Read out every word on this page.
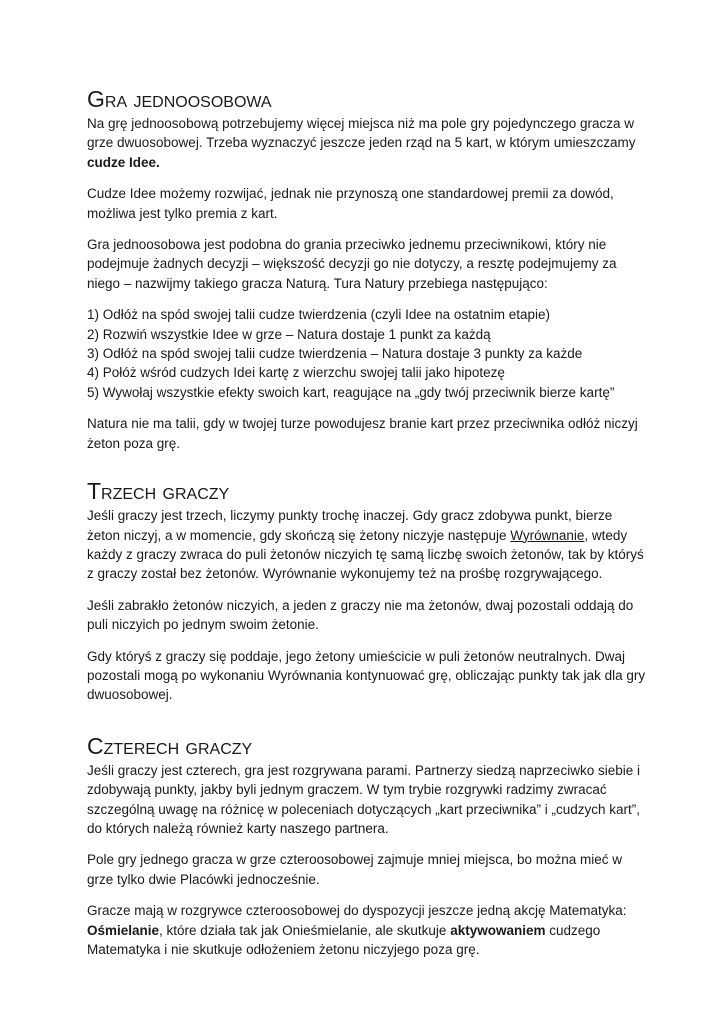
Gra jednoosobowa

Na grę jednoosobową potrzebujemy więcej miejsca niż ma pole gry pojedynczego gracza w grze dwuosobowej. Trzeba wyznaczyć jeszcze jeden rząd na 5 kart, w którym umieszczamy cudze Idee.

Cudze Idee możemy rozwijać, jednak nie przynoszą one standardowej premii za dowód, możliwa jest tylko premia z kart.

Gra jednoosobowa jest podobna do grania przeciwko jednemu przeciwnikowi, który nie podejmuje żadnych decyzji – większość decyzji go nie dotyczy, a resztę podejmujemy za niego – nazwijmy takiego gracza Naturą. Tura Natury przebiega następująco:

1) Odłóż na spód swojej talii cudze twierdzenia (czyli Idee na ostatnim etapie)
2) Rozwiń wszystkie Idee w grze – Natura dostaje 1 punkt za każdą
3) Odłóż na spód swojej talii cudze twierdzenia – Natura dostaje 3 punkty za każde
4) Połóż wśród cudzych Idei kartę z wierzchu swojej talii jako hipotezę
5) Wywołaj wszystkie efekty swoich kart, reagujące na „gdy twój przeciwnik bierze kartę”

Natura nie ma talii, gdy w twojej turze powodujesz branie kart przez przeciwnika odłóż niczyj żeton poza grę.

Trzech graczy

Jeśli graczy jest trzech, liczymy punkty trochę inaczej. Gdy gracz zdobywa punkt, bierze żeton niczyj, a w momencie, gdy skończą się żetony niczyje następuje Wyrównanie, wtedy każdy z graczy zwraca do puli żetonów niczyich tę samą liczbę swoich żetonów, tak by któryś z graczy został bez żetonów. Wyrównanie wykonujemy też na prośbę rozgrywającego.

Jeśli zabrakło żetonów niczyich, a jeden z graczy nie ma żetonów, dwaj pozostali oddają do puli niczyich po jednym swoim żetonie.

Gdy któryś z graczy się poddaje, jego żetony umieścicie w puli żetonów neutralnych. Dwaj pozostali mogą po wykonaniu Wyrównania kontynuować grę, obliczając punkty tak jak dla gry dwuosobowej.

Czterech graczy

Jeśli graczy jest czterech, gra jest rozgrywana parami. Partnerzy siedzą naprzeciwko siebie i zdobywają punkty, jakby byli jednym graczem. W tym trybie rozgrywki radzimy zwracać szczególną uwagę na różnicę w poleceniach dotyczących „kart przeciwnika” i „cudzych kart”, do których należą również karty naszego partnera.

Pole gry jednego gracza w grze czteroosobowej zajmuje mniej miejsca, bo można mieć w grze tylko dwie Placówki jednocześnie.

Gracze mają w rozgrywce czteroosobowej do dyspozycji jeszcze jedną akcję Matematyka: Ośmielanie, które działa tak jak Onieśmielanie, ale skutkuje aktywowaniem cudzego Matematyka i nie skutkuje odłożeniem żetonu niczyjego poza grę.
